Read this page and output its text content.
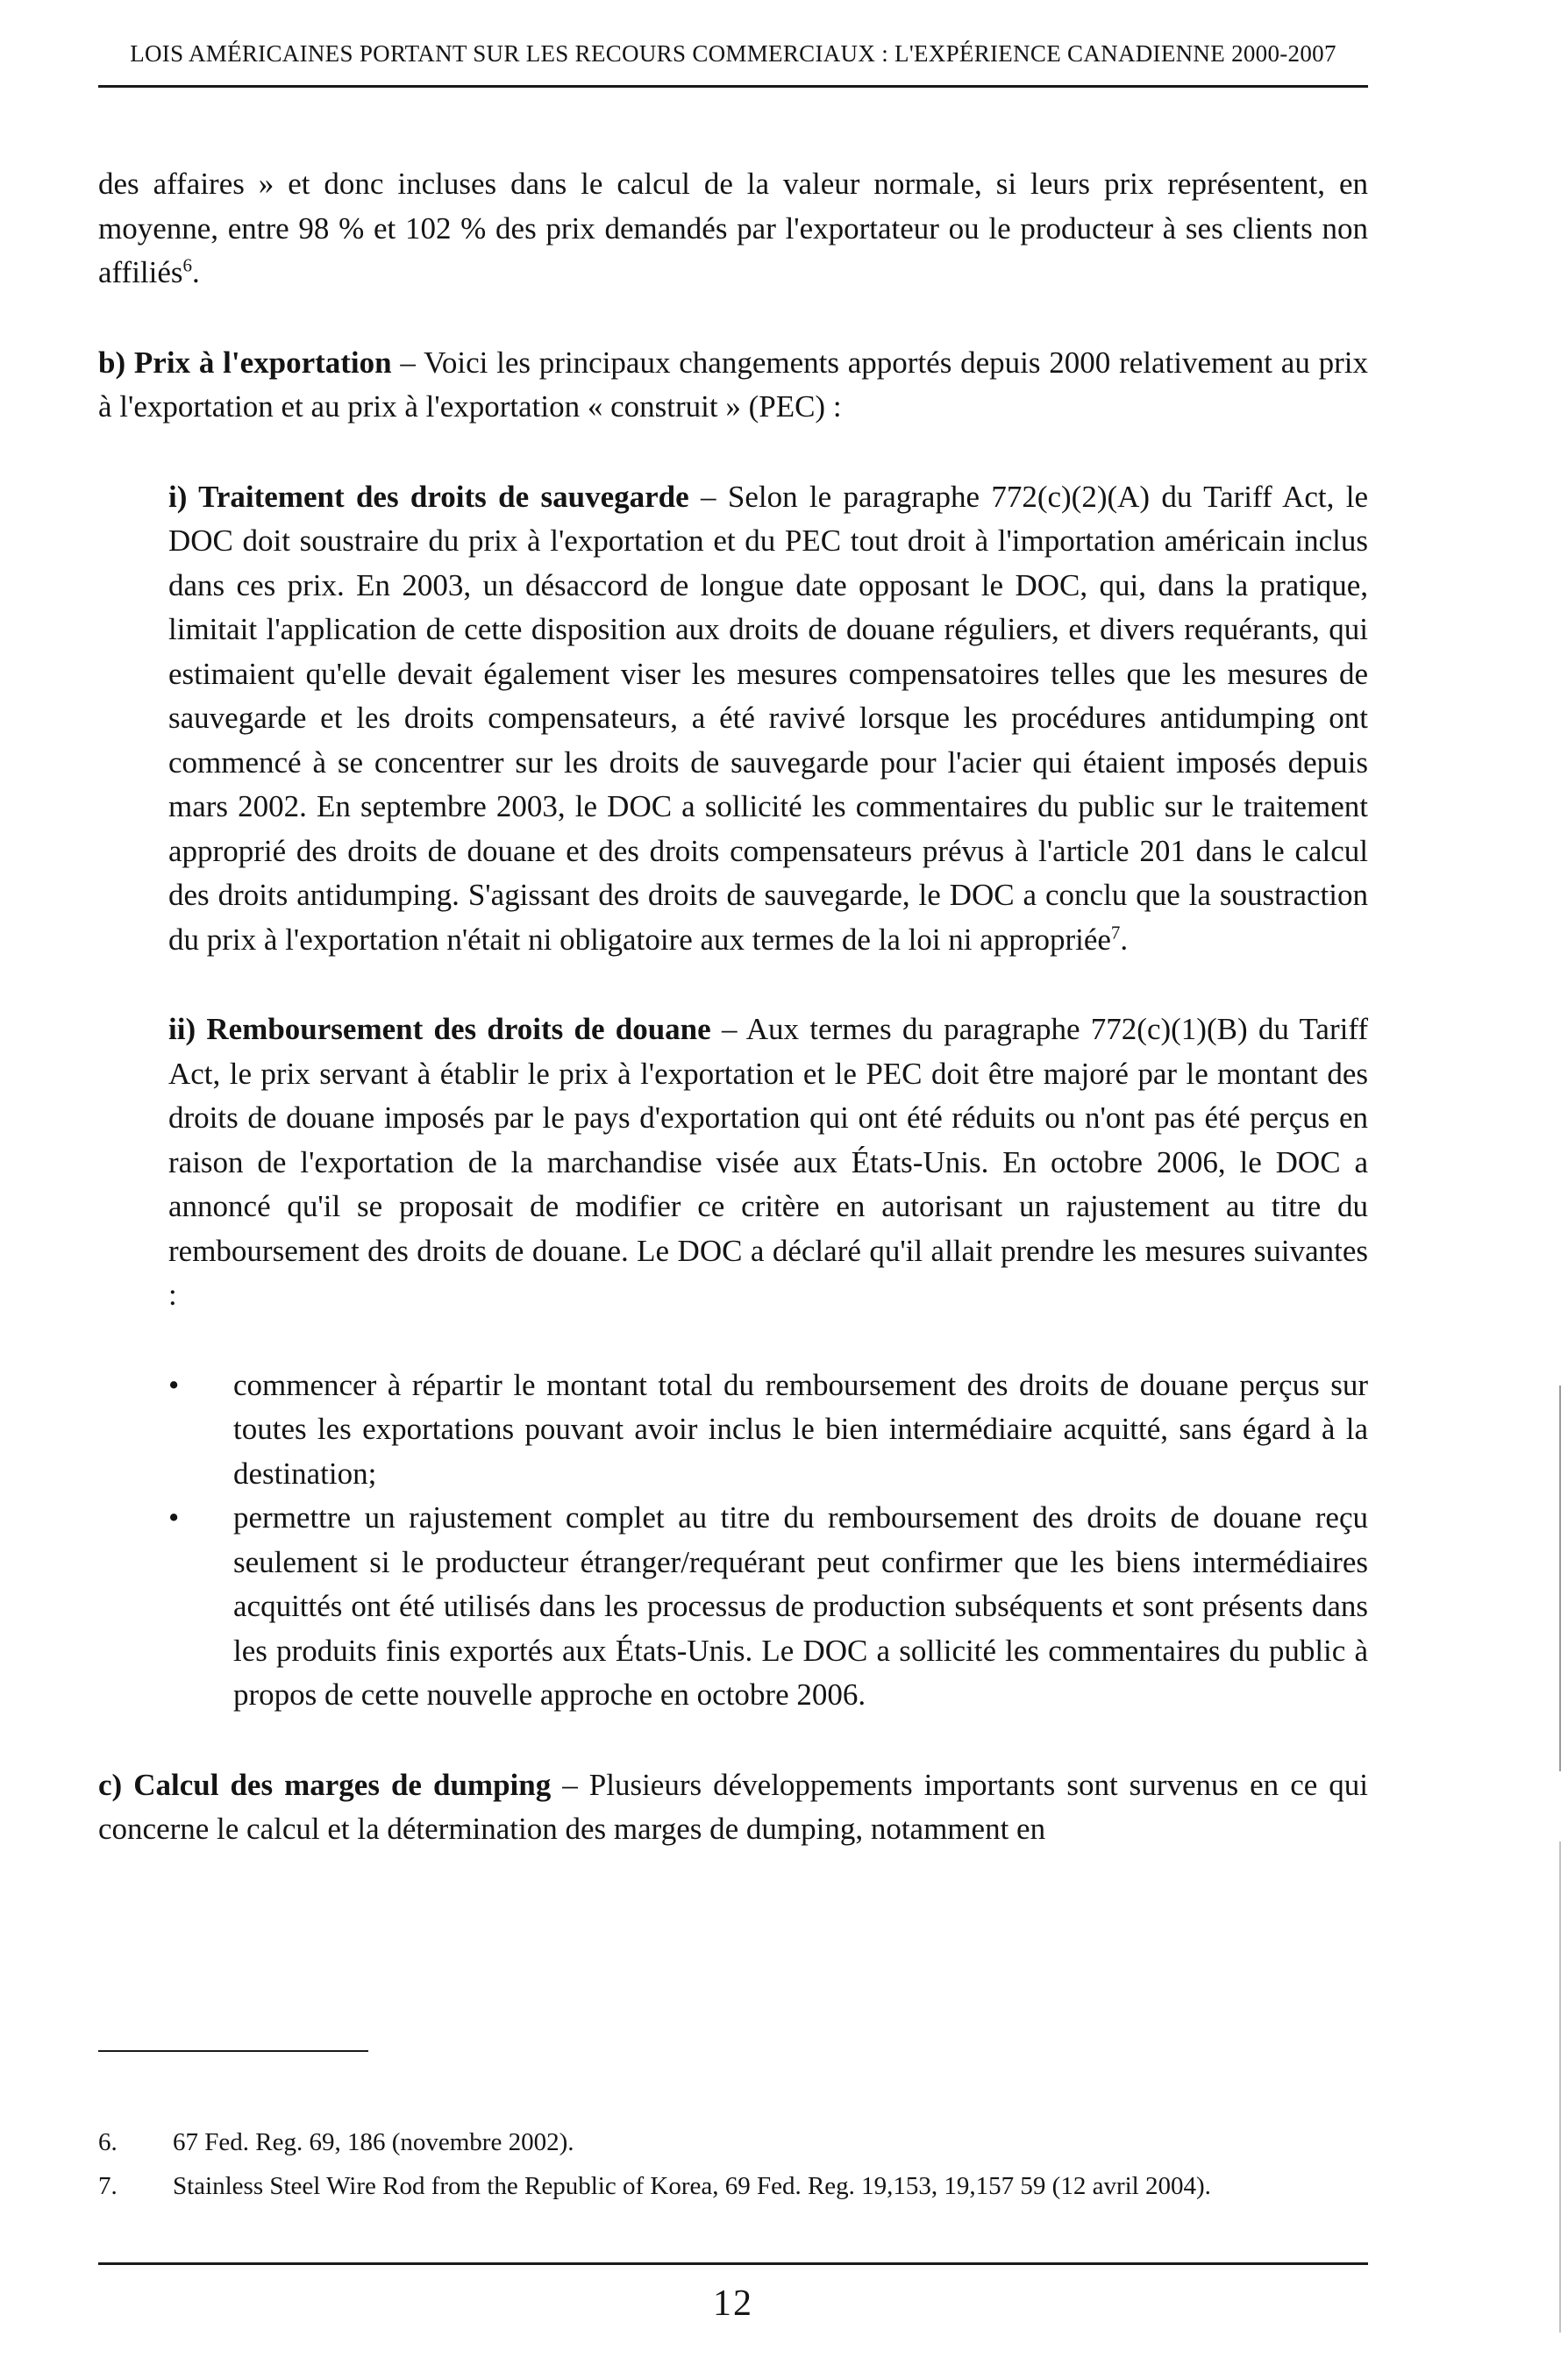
LOIS AMÉRICAINES PORTANT SUR LES RECOURS COMMERCIAUX : L'EXPÉRIENCE CANADIENNE 2000-2007

des affaires » et donc incluses dans le calcul de la valeur normale, si leurs prix représentent, en moyenne, entre 98 % et 102 % des prix demandés par l'exportateur ou le producteur à ses clients non affiliés$^6$.

b) Prix à l'exportation – Voici les principaux changements apportés depuis 2000 relativement au prix à l'exportation et au prix à l'exportation « construit » (PEC) :

i) Traitement des droits de sauvegarde – Selon le paragraphe 772(c)(2)(A) du Tariff Act, le DOC doit soustraire du prix à l'exportation et du PEC tout droit à l'importation américain inclus dans ces prix. En 2003, un désaccord de longue date opposant le DOC, qui, dans la pratique, limitait l'application de cette disposition aux droits de douane réguliers, et divers requérants, qui estimaient qu'elle devait également viser les mesures compensatoires telles que les mesures de sauvegarde et les droits compensateurs, a été ravivé lorsque les procédures antidumping ont commencé à se concentrer sur les droits de sauvegarde pour l'acier qui étaient imposés depuis mars 2002. En septembre 2003, le DOC a sollicité les commentaires du public sur le traitement approprié des droits de douane et des droits compensateurs prévus à l'article 201 dans le calcul des droits antidumping. S'agissant des droits de sauvegarde, le DOC a conclu que la soustraction du prix à l'exportation n'était ni obligatoire aux termes de la loi ni appropriée$^7$.

ii) Remboursement des droits de douane – Aux termes du paragraphe 772(c)(1)(B) du Tariff Act, le prix servant à établir le prix à l'exportation et le PEC doit être majoré par le montant des droits de douane imposés par le pays d'exportation qui ont été réduits ou n'ont pas été perçus en raison de l'exportation de la marchandise visée aux États-Unis. En octobre 2006, le DOC a annoncé qu'il se proposait de modifier ce critère en autorisant un rajustement au titre du remboursement des droits de douane. Le DOC a déclaré qu'il allait prendre les mesures suivantes :

• commencer à répartir le montant total du remboursement des droits de douane perçus sur toutes les exportations pouvant avoir inclus le bien intermédiaire acquitté, sans égard à la destination;
• permettre un rajustement complet au titre du remboursement des droits de douane reçu seulement si le producteur étranger/requérant peut confirmer que les biens intermédiaires acquittés ont été utilisés dans les processus de production subséquents et sont présents dans les produits finis exportés aux États-Unis. Le DOC a sollicité les commentaires du public à propos de cette nouvelle approche en octobre 2006.

c) Calcul des marges de dumping – Plusieurs développements importants sont survenus en ce qui concerne le calcul et la détermination des marges de dumping, notamment en

6. 67 Fed. Reg. 69, 186 (novembre 2002).
7. Stainless Steel Wire Rod from the Republic of Korea, 69 Fed. Reg. 19,153, 19,157 59 (12 avril 2004).
12
